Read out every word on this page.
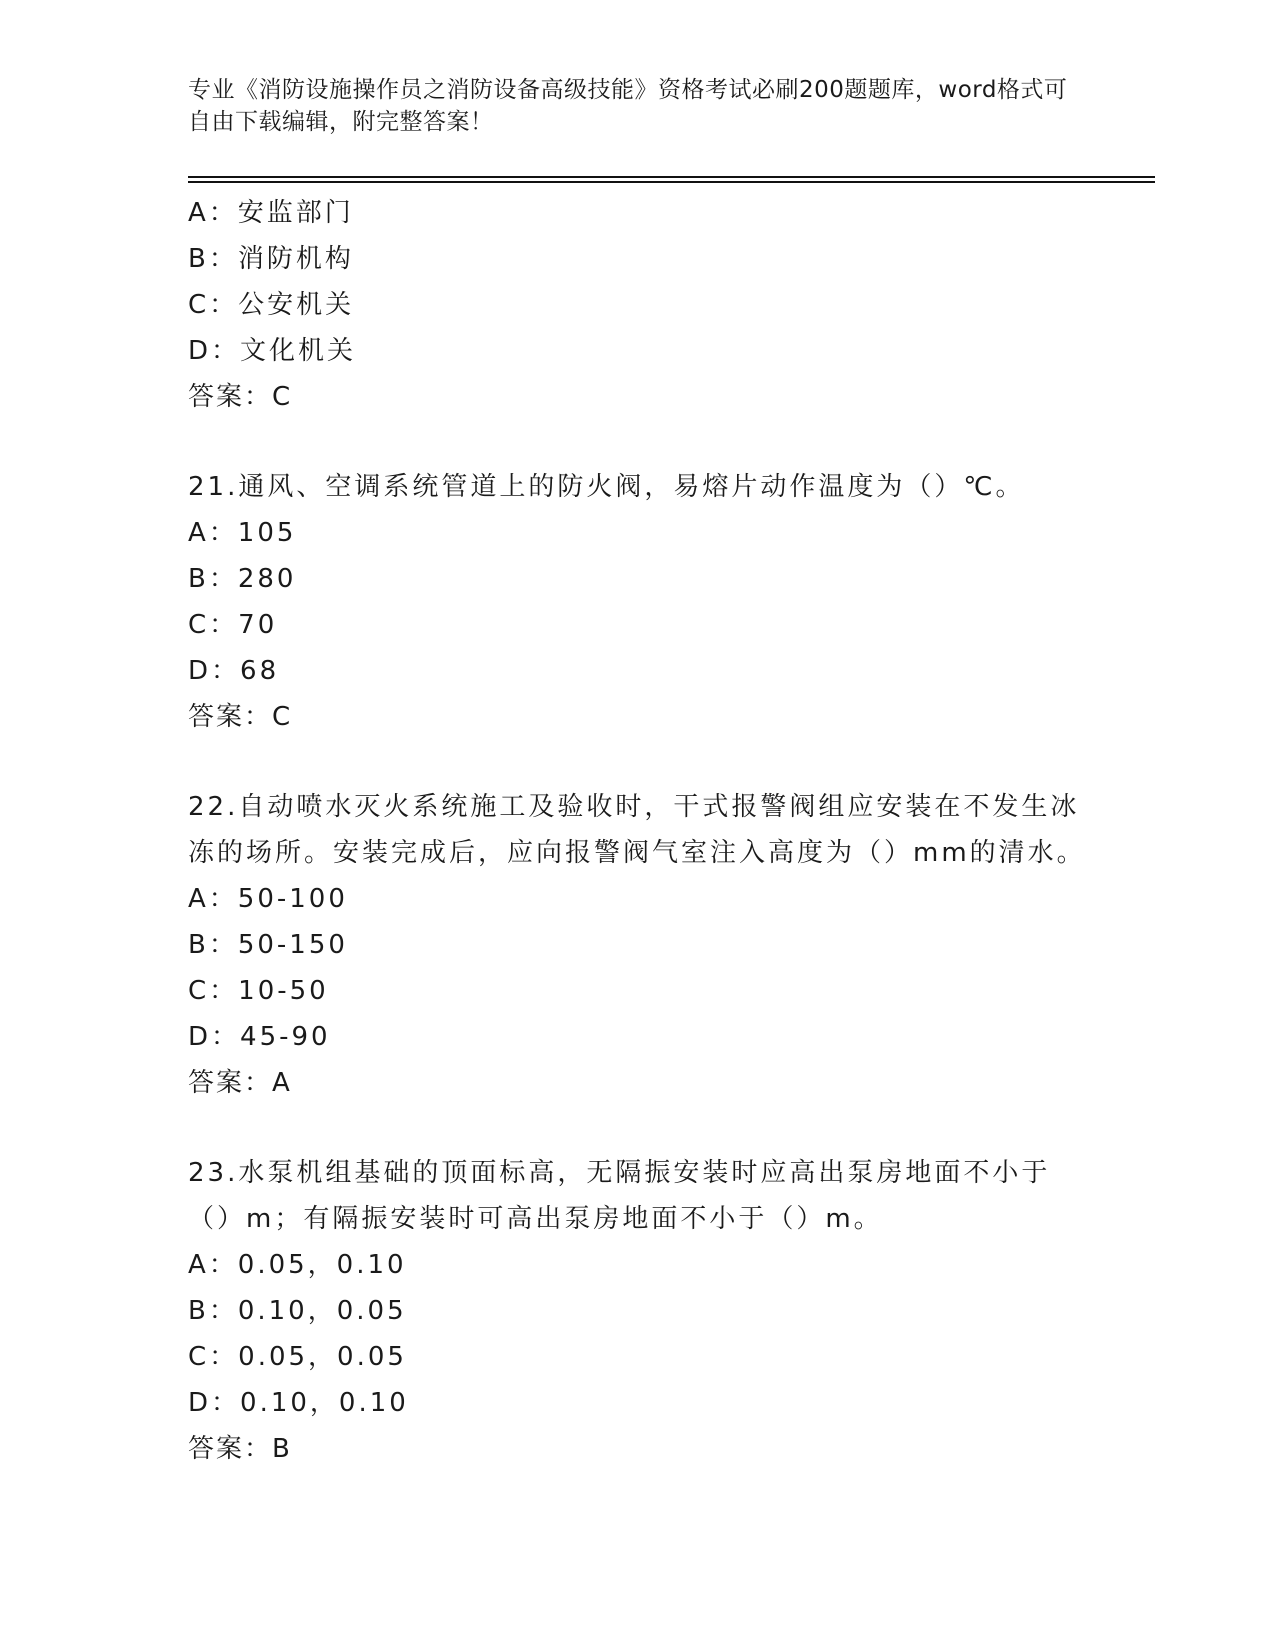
专业《消防设施操作员之消防设备高级技能》资格考试必刷200题题库，word格式可自由下载编辑，附完整答案！
A：安监部门
B：消防机构
C：公安机关
D：文化机关
答案：C
21.通风、空调系统管道上的防火阀，易熔片动作温度为（）℃。
A：105
B：280
C：70
D：68
答案：C
22.自动喷水灭火系统施工及验收时，干式报警阀组应安装在不发生冰冻的场所。安装完成后，应向报警阀气室注入高度为（）mm的清水。
A：50-100
B：50-150
C：10-50
D：45-90
答案：A
23.水泵机组基础的顶面标高，无隔振安装时应高出泵房地面不小于（）m；有隔振安装时可高出泵房地面不小于（）m。
A：0.05，0.10
B：0.10，0.05
C：0.05，0.05
D：0.10，0.10
答案：B
